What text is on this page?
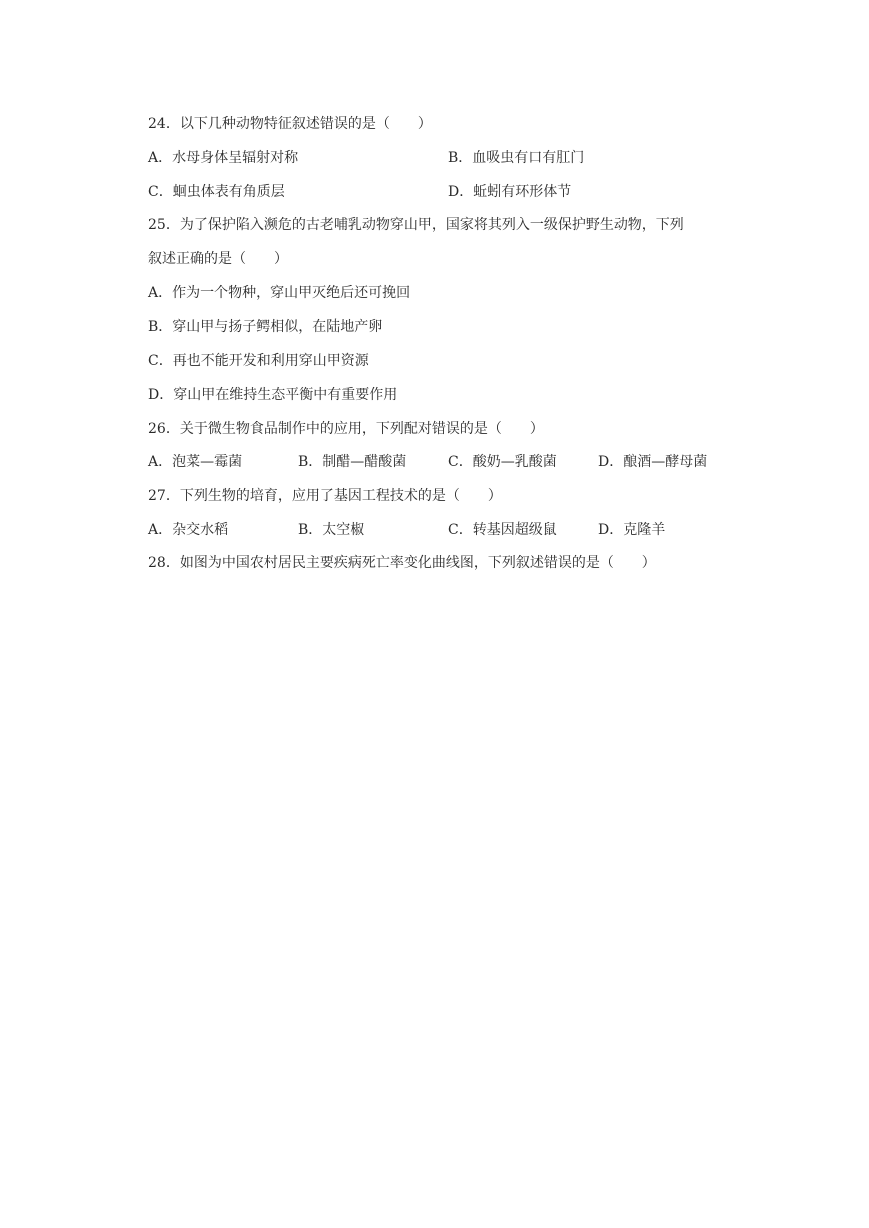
24．以下几种动物特征叙述错误的是（　　）
A．水母身体呈辐射对称	B．血吸虫有口有肛门
C．蛔虫体表有角质层	D．蚯蚓有环形体节
25．为了保护陷入濒危的古老哺乳动物穿山甲，国家将其列入一级保护野生动物，下列
叙述正确的是（　　）
A．作为一个物种，穿山甲灭绝后还可挽回
B．穿山甲与扬子鳄相似，在陆地产卵
C．再也不能开发和利用穿山甲资源
D．穿山甲在维持生态平衡中有重要作用
26．关于微生物食品制作中的应用，下列配对错误的是（　　）
A．泡菜—霉菌	B．制醋—醋酸菌	C．酸奶—乳酸菌	D．酿酒—酵母菌
27．下列生物的培育，应用了基因工程技术的是（　　）
A．杂交水稻	B．太空椒	C．转基因超级鼠	D．克隆羊
28．如图为中国农村居民主要疾病死亡率变化曲线图，下列叙述错误的是（　　）
